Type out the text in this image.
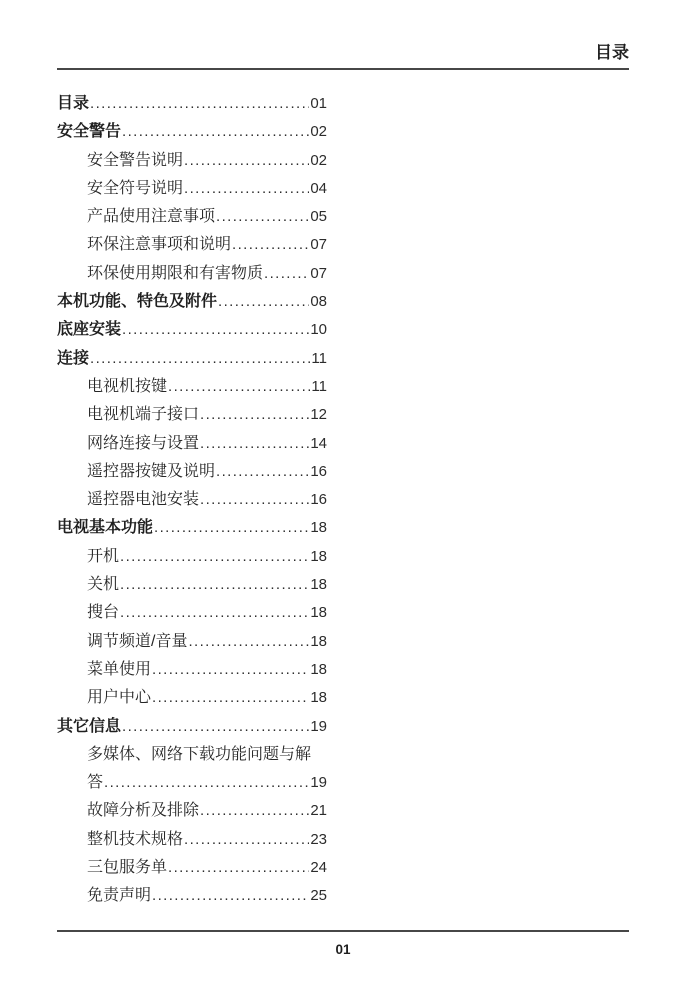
目录
目录 .....	01
安全警告 .....	02
安全警告说明 .....	02
安全符号说明 .....	04
产品使用注意事项 .....	05
环保注意事项和说明 .....	07
环保使用期限和有害物质 .....	07
本机功能、特色及附件 .....	08
底座安装 .....	10
连接 .....	11
电视机按键 .....	11
电视机端子接口 .....	12
网络连接与设置 .....	14
遥控器按键及说明 .....	16
遥控器电池安装 .....	16
电视基本功能 .....	18
开机 .....	18
关机 .....	18
搜台 .....	18
调节频道/音量 .....	18
菜单使用 .....	18
用户中心 .....	18
其它信息 .....	19
多媒体、网络下载功能问题与解
答 .....	19
故障分析及排除 .....	21
整机技术规格 .....	23
三包服务单 .....	24
免责声明 .....	25
01
